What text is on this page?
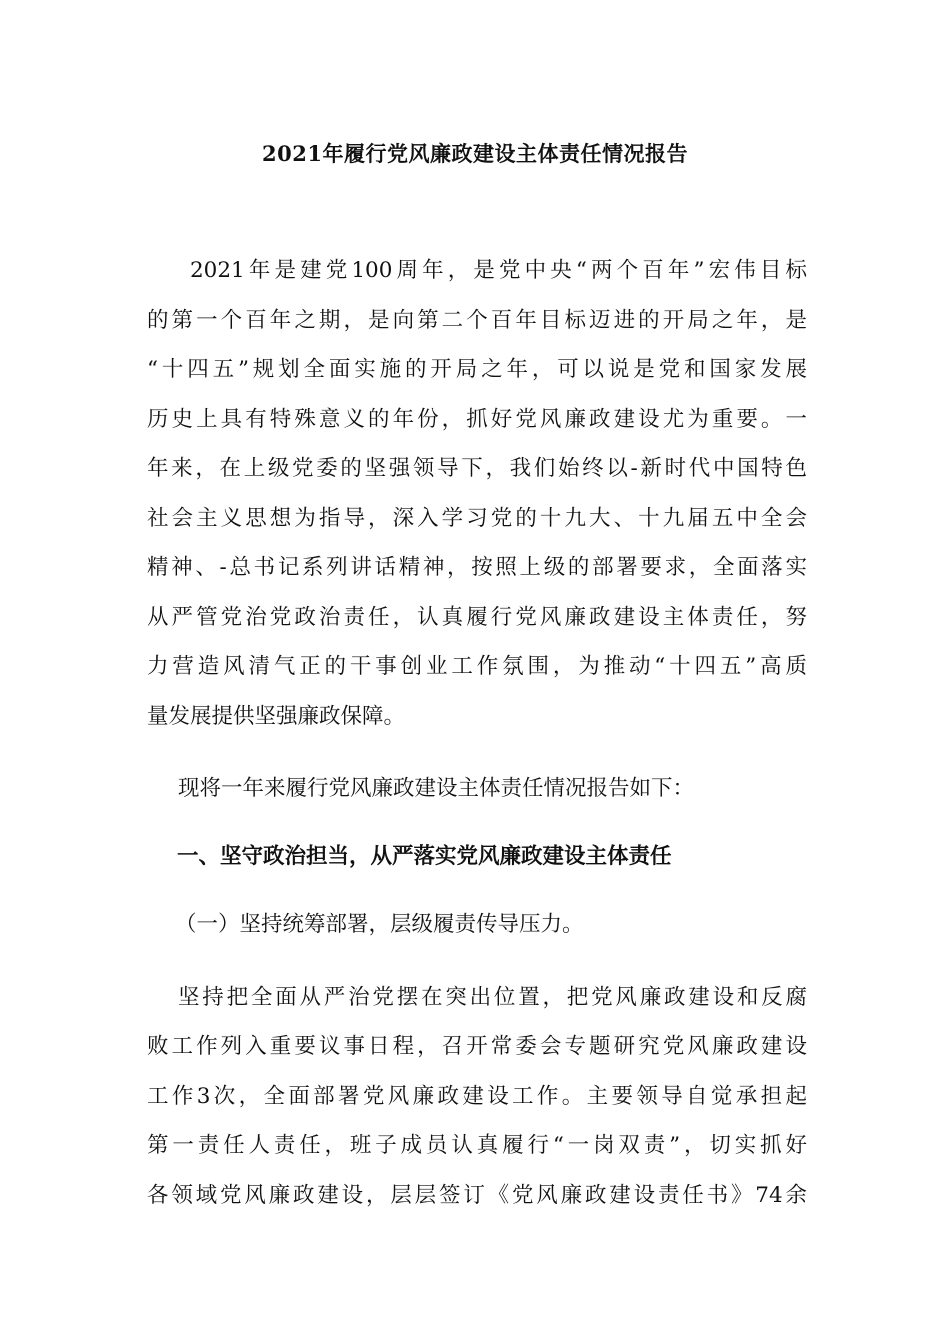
2021年履行党风廉政建设主体责任情况报告
2021年是建党100周年，是党中央“两个百年”宏伟目标
的第一个百年之期，是向第二个百年目标迈进的开局之年，是
“十四五”规划全面实施的开局之年，可以说是党和国家发展
历史上具有特殊意义的年份，抓好党风廉政建设尤为重要。一
年来，在上级党委的坚强领导下，我们始终以-新时代中国特色
社会主义思想为指导，深入学习党的十九大、十九届五中全会
精神、-总书记系列讲话精神，按照上级的部署要求，全面落实
从严管党治党政治责任，认真履行党风廉政建设主体责任，努
力营造风清气正的干事创业工作氛围，为推动“十四五”高质
量发展提供坚强廉政保障。
现将一年来履行党风廉政建设主体责任情况报告如下：
一、坚守政治担当，从严落实党风廉政建设主体责任
（一）坚持统筹部署，层级履责传导压力。
坚持把全面从严治党摆在突出位置，把党风廉政建设和反腐
败工作列入重要议事日程，召开常委会专题研究党风廉政建设
工作3次，全面部署党风廉政建设工作。主要领导自觉承担起
第一责任人责任，班子成员认真履行“一岗双责”，切实抓好
各领域党风廉政建设，层层签订《党风廉政建设责任书》74余
